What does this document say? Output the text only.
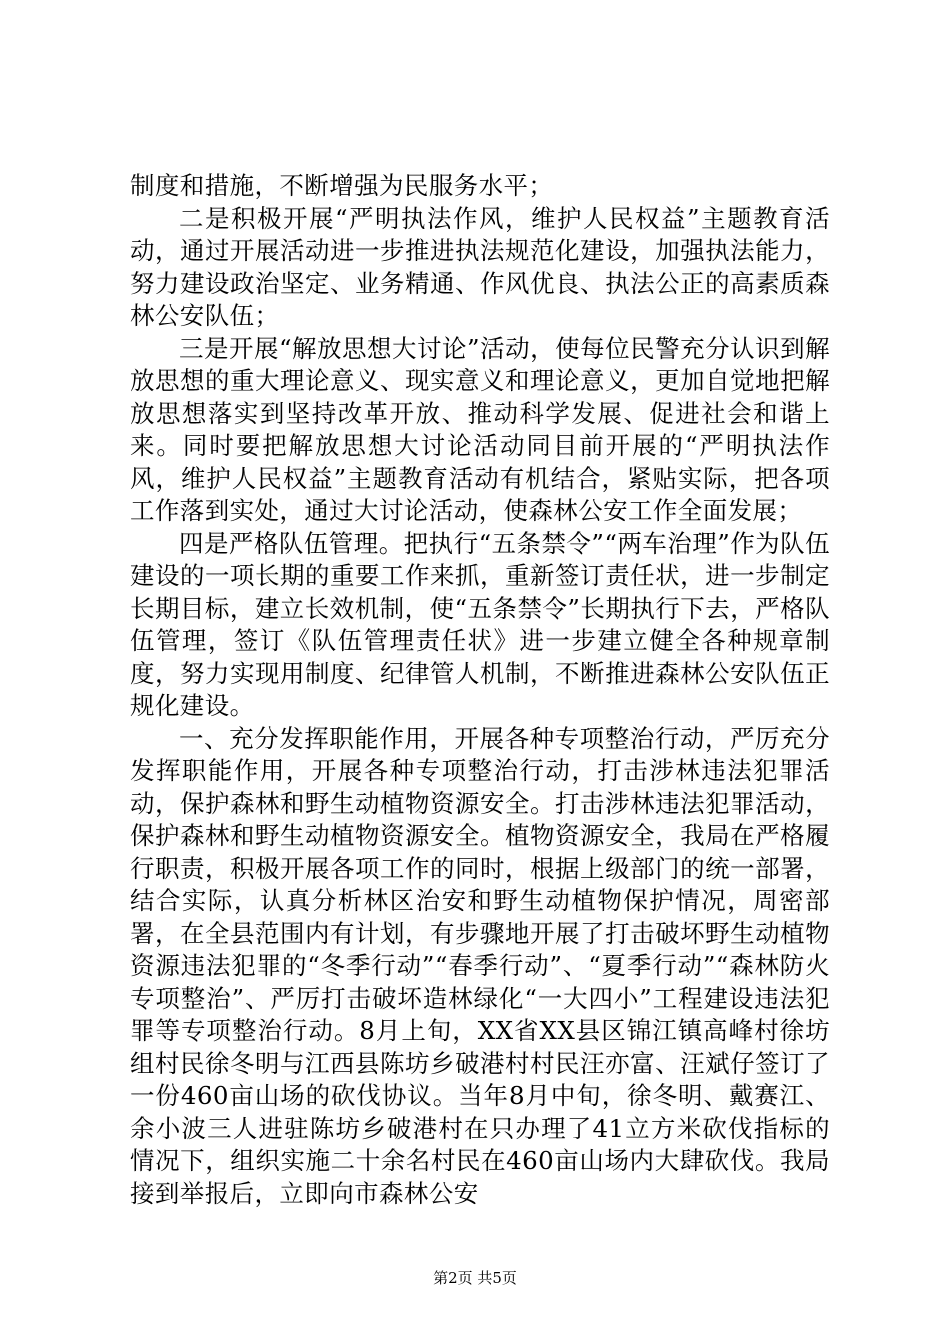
制度和措施，不断增强为民服务水平；

二是积极开展“严明执法作风，维护人民权益”主题教育活动，通过开展活动进一步推进执法规范化建设，加强执法能力，努力建设政治坚定、业务精通、作风优良、执法公正的高素质森林公安队伍；

三是开展“解放思想大讨论”活动，使每位民警充分认识到解放思想的重大理论意义、现实意义和理论意义，更加自觉地把解放思想落实到坚持改革开放、推动科学发展、促进社会和谐上来。同时要把解放思想大讨论活动同目前开展的“严明执法作风，维护人民权益”主题教育活动有机结合，紧贴实际，把各项工作落到实处，通过大讨论活动，使森林公安工作全面发展；

四是严格队伍管理。把执行“五条禁令”“两车治理”作为队伍建设的一项长期的重要工作来抓，重新签订责任状，进一步制定长期目标，建立长效机制，使“五条禁令”长期执行下去，严格队伍管理，签订《队伍管理责任状》进一步建立健全各种规章制度，努力实现用制度、纪律管人机制，不断推进森林公安队伍正规化建设。

一、充分发挥职能作用，开展各种专项整治行动，严厉充分发挥职能作用，开展各种专项整治行动，打击涉林违法犯罪活动，保护森林和野生动植物资源安全。打击涉林违法犯罪活动，保护森林和野生动植物资源安全。植物资源安全，我局在严格履行职责，积极开展各项工作的同时，根据上级部门的统一部署，结合实际，认真分析林区治安和野生动植物保护情况，周密部署，在全县范围内有计划，有步骤地开展了打击破坏野生动植物资源违法犯罪的“冬季行动”“春季行动”、“夏季行动”“森林防火专项整治”、严厉打击破坏造林绿化“一大四小”工程建设违法犯罪等专项整治行动。8月上旬，XX省XX县区锦江镇高峰村徐坊组村民徐冬明与江西县陈坊乡破港村村民汪亦富、汪斌仔签订了一份460亩山场的砍伐协议。当年8月中旬，徐冬明、戴赛江、余小波三人进驻陈坊乡破港村在只办理了41立方米砍伐指标的情况下，组织实施二十余名村民在460亩山场内大肆砍伐。我局接到举报后，立即向市森林公安

第2页 共5页
